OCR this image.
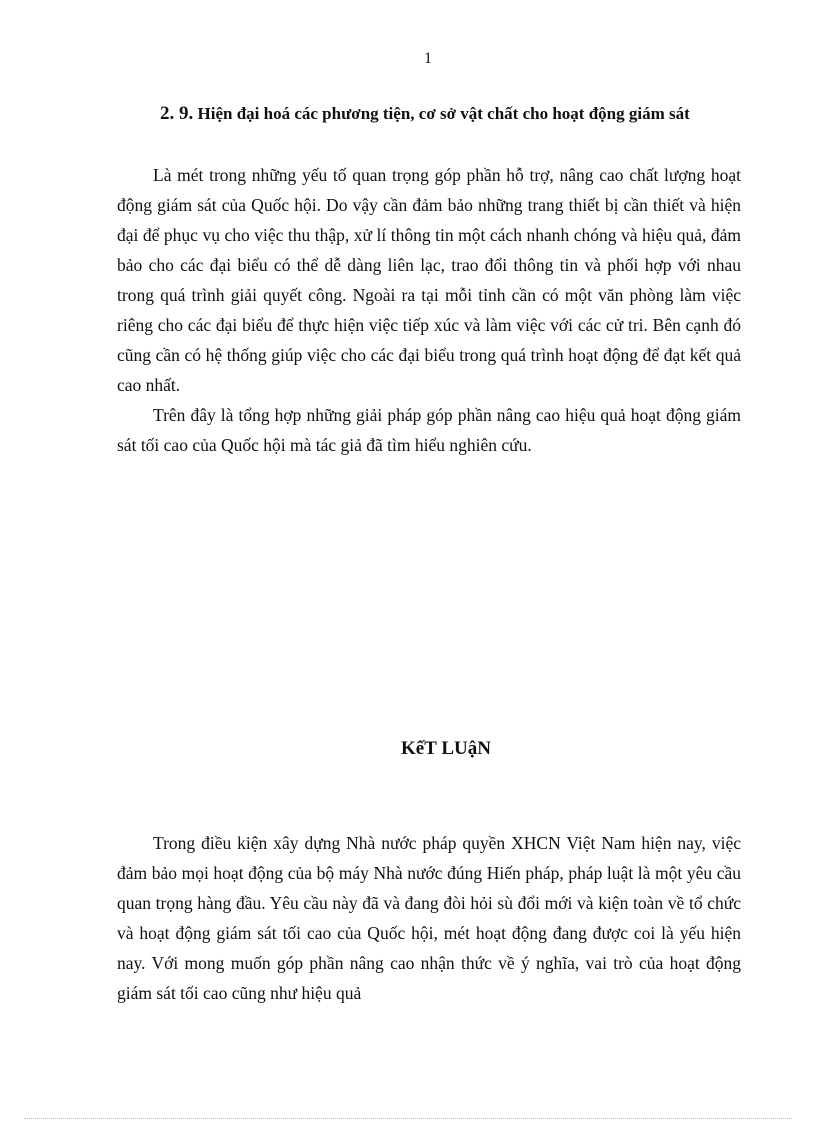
1
2. 9. Hiện đại hoá các phương tiện, cơ sở vật chất cho hoạt động giám sát

Là mét trong những yếu tố quan trọng góp phần hỗ trợ, nâng cao chất lượng hoạt động giám sát của Quốc hội. Do vậy cần đảm bảo những trang thiết bị cần thiết và hiện đại để phục vụ cho việc thu thập, xử lí thông tin một cách nhanh chóng và hiệu quả, đảm bảo cho các đại biểu có thể dễ dàng liên lạc, trao đổi thông tin và phối hợp với nhau trong quá trình giải quyết công. Ngoài ra tại mỗi tỉnh cần có một văn phòng làm việc riêng cho các đại biểu để thực hiện việc tiếp xúc và làm việc với các cử tri. Bên cạnh đó cũng cần có hệ thống giúp việc cho các đại biểu trong quá trình hoạt động để đạt kết quả cao nhất.

Trên đây là tổng hợp những giải pháp góp phần nâng cao hiệu quả hoạt động giám sát tối cao của Quốc hội mà tác giả đã tìm hiểu nghiên cứu.

KếT LUậN

Trong điều kiện xây dựng Nhà nước pháp quyền XHCN Việt Nam hiện nay, việc đảm bảo mọi hoạt động của bộ máy Nhà nước đúng Hiến pháp, pháp luật là một yêu cầu quan trọng hàng đầu. Yêu cầu này đã và đang đòi hỏi sù đổi mới và kiện toàn về tổ chức và hoạt động giám sát tối cao của Quốc hội, mét hoạt động đang được coi là yếu hiện nay. Với mong muốn góp phần nâng cao nhận thức về ý nghĩa, vai trò của hoạt động giám sát tối cao cũng như hiệu quả
